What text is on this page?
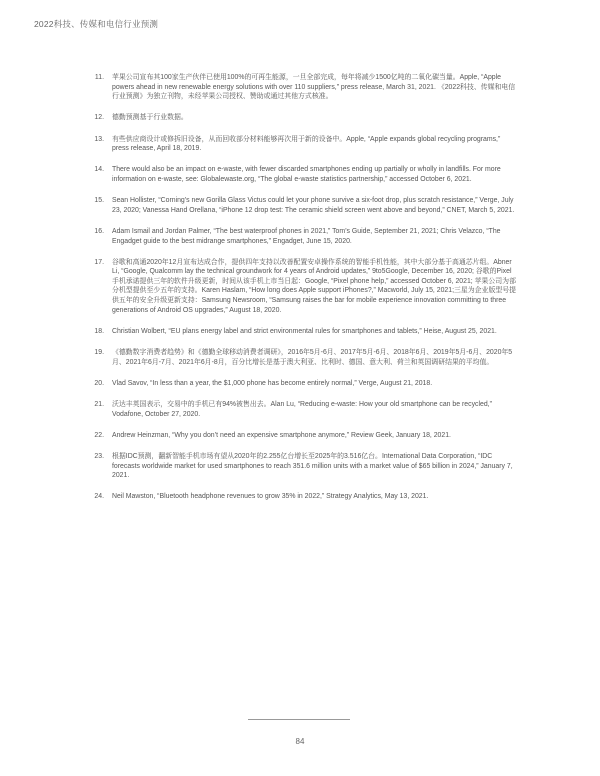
2022科技、传媒和电信行业预测
11.	苹果公司宣布其100家生产伙伴已使用100%的可再生能源，一旦全部完成，每年将减少1500亿吨的二氧化碳当量。Apple, “Apple powers ahead in new renewable energy solutions with over 110 suppliers,” press release, March 31, 2021. 《2022科技、传媒和电信行业预测》为独立刊物，未经苹果公司授权、赞助或通过其他方式核准。
12.	德勤预测基于行业数据。
13.	有些供应商设计或修拆旧设备，从而回收部分材料能够再次用于新的设备中。Apple, “Apple expands global recycling programs,” press release, April 18, 2019.
14.	There would also be an impact on e-waste, with fewer discarded smartphones ending up partially or wholly in landfills. For more information on e-waste, see: Globalewaste.org, “The global e-waste statistics partnership,” accessed October 6, 2021.
15.	Sean Hollister, “Corning’s new Gorilla Glass Victus could let your phone survive a six-foot drop, plus scratch resistance,” Verge, July 23, 2020; Vanessa Hand Orellana, “iPhone 12 drop test: The ceramic shield screen went above and beyond,” CNET, March 5, 2021.
16.	Adam Ismail and Jordan Palmer, “The best waterproof phones in 2021,” Tom’s Guide, September 21, 2021; Chris Velazco, “The Engadget guide to the best midrange smartphones,” Engadget, June 15, 2020.
17.	谷歌和高通2020年12月宣布达成合作，提供四年支持以改善配置安卓操作系统的智能手机性能，其中大部分基于高通芯片组。Abner Li, “Google, Qualcomm lay the technical groundwork for 4 years of Android updates,” 9to5Google, December 16, 2020; 谷歌的Pixel手机承诺提供三年的软件升级更新，时间从该手机上市当日起：Google, “Pixel phone help,” accessed October 6, 2021; 苹果公司为部分机型提供至少五年的支持。Karen Haslam, “How long does Apple support iPhones?,” Macworld, July 15, 2021;三星为企业版型号提供五年的安全升级更新支持：Samsung Newsroom, “Samsung raises the bar for mobile experience innovation committing to three generations of Android OS upgrades,” August 18, 2020.
18.	Christian Wolbert, “EU plans energy label and strict environmental rules for smartphones and tablets,” Heise, August 25, 2021.
19.	《德勤数字消费者趋势》和《德勤全球移动消费者调研》，2016年5月-6月、2017年5月-6月、2018年6月、2019年5月-6月、2020年5月、2021年6月-7月、2021年6月-8月，百分比增长是基于澳大利亚、比利时、德国、意大利、荷兰和英国调研结果的平均值。
20.	Vlad Savov, “In less than a year, the $1,000 phone has become entirely normal,” Verge, August 21, 2018.
21.	沃达丰英国表示，交易中的手机已有94%被售出去。Alan Lu, “Reducing e-waste: How your old smartphone can be recycled,” Vodafone, October 27, 2020.
22.	Andrew Heinzman, “Why you don’t need an expensive smartphone anymore,” Review Geek, January 18, 2021.
23.	根据IDC预测，翻新智能手机市场有望从2020年的2.255亿台增长至2025年的3.516亿台。International Data Corporation, “IDC forecasts worldwide market for used smartphones to reach 351.6 million units with a market value of $65 billion in 2024,” January 7, 2021.
24.	Neil Mawston, “Bluetooth headphone revenues to grow 35% in 2022,” Strategy Analytics, May 13, 2021.
84
